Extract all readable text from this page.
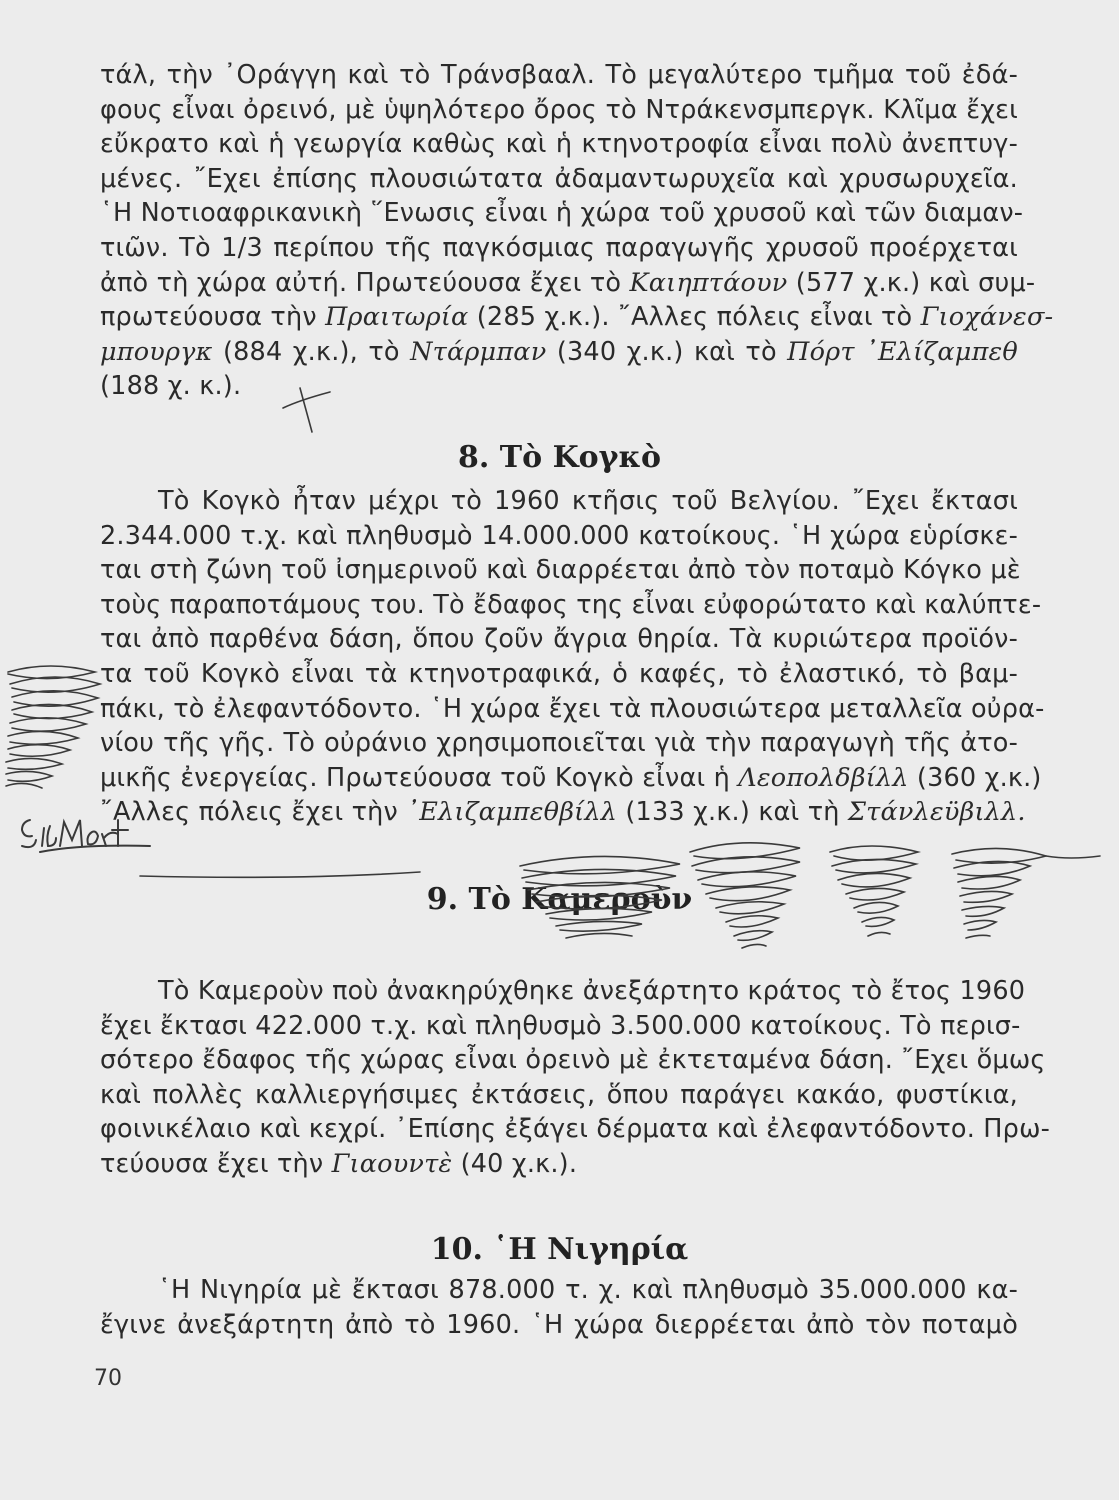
τάλ, τὴν ᾿Οράγγη καὶ τὸ Τράνσβααλ. Τὸ μεγαλύτερο τμῆμα τοῦ ἐδά-
φους εἶναι ὀρεινό, μὲ ὑψηλότερο ὄρος τὸ Ντράκενσμπεργκ. Κλῖμα ἔχει
εὔκρατο καὶ ἡ γεωργία καθὼς καὶ ἡ κτηνοτροφία εἶναι πολὺ ἀνεπτυγ-
μένες. ῎Εχει ἐπίσης πλουσιώτατα ἀδαμαντωρυχεῖα καὶ χρυσωρυχεῖα.
῾Η Νοτιοαφρικανικὴ ῞Ενωσις εἶναι ἡ χώρα τοῦ χρυσοῦ καὶ τῶν διαμαν-
τιῶν. Τὸ 1/3 περίπου τῆς παγκόσμιας παραγωγῆς χρυσοῦ προέρχεται
ἀπὸ τὴ χώρα αὐτή. Πρωτεύουσα ἔχει τὸ Καιηπτάουν (577 χ.κ.) καὶ συμ-
πρωτεύουσα τὴν Πραιτωρία (285 χ.κ.). ῎Αλλες πόλεις εἶναι τὸ Γιοχάνεσ-
μπουργκ (884 χ.κ.), τὸ Ντάρμπαν (340 χ.κ.) καὶ τὸ Πόρτ ᾿Ελίζαμπεθ
(188 χ. κ.).
8. Τὸ Κογκὸ
Τὸ Κογκὸ ἦταν μέχρι τὸ 1960 κτῆσις τοῦ Βελγίου. ῎Εχει ἔκτασι
2.344.000 τ.χ. καὶ πληθυσμὸ 14.000.000 κατοίκους. ῾Η χώρα εὑρίσκε-
ται στὴ ζώνη τοῦ ἰσημερινοῦ καὶ διαρρέεται ἀπὸ τὸν ποταμὸ Κόγκο μὲ
τοὺς παραποτάμους του. Τὸ ἔδαφος της εἶναι εὐφορώτατο καὶ καλύπτε-
ται ἀπὸ παρθένα δάση, ὅπου ζοῦν ἄγρια θηρία. Τὰ κυριώτερα προϊόν-
τα τοῦ Κογκὸ εἶναι τὰ κτηνοτραφικά, ὁ καφές, τὸ ἐλαστικό, τὸ βαμ-
πάκι, τὸ ἐλεφαντόδοντο. ῾Η χώρα ἔχει τὰ πλουσιώτερα μεταλλεῖα οὐρα-
νίου τῆς γῆς. Τὸ οὐράνιο χρησιμοποιεῖται γιὰ τὴν παραγωγὴ τῆς ἀτο-
μικῆς ἐνεργείας. Πρωτεύουσα τοῦ Κογκὸ εἶναι ἡ Λεοπολδβίλλ (360 χ.κ.)
῎Αλλες πόλεις ἔχει τὴν ᾿Ελιζαμπεθβίλλ (133 χ.κ.) καὶ τὴ Στάνλεϋβιλλ.
9. Τὸ Καμεροὺν
Τὸ Καμεροὺν ποὺ ἀνακηρύχθηκε ἀνεξάρτητο κράτος τὸ ἔτος 1960
ἔχει ἔκτασι 422.000 τ.χ. καὶ πληθυσμὸ 3.500.000 κατοίκους. Τὸ περισ-
σότερο ἔδαφος τῆς χώρας εἶναι ὀρεινὸ μὲ ἐκτεταμένα δάση. ῎Εχει ὅμως
καὶ πολλὲς καλλιεργήσιμες ἐκτάσεις, ὅπου παράγει κακάο, φυστίκια,
φοινικέλαιο καὶ κεχρί. ᾿Επίσης ἐξάγει δέρματα καὶ ἐλεφαντόδοντο. Πρω-
τεύουσα ἔχει τὴν Γιαουντὲ (40 χ.κ.).
10. ῾Η Νιγηρία
῾Η Νιγηρία μὲ ἔκτασι 878.000 τ. χ. καὶ πληθυσμὸ 35.000.000 κα-
ἔγινε ἀνεξάρτητη ἀπὸ τὸ 1960. ῾Η χώρα διερρέεται ἀπὸ τὸν ποταμὸ
70
